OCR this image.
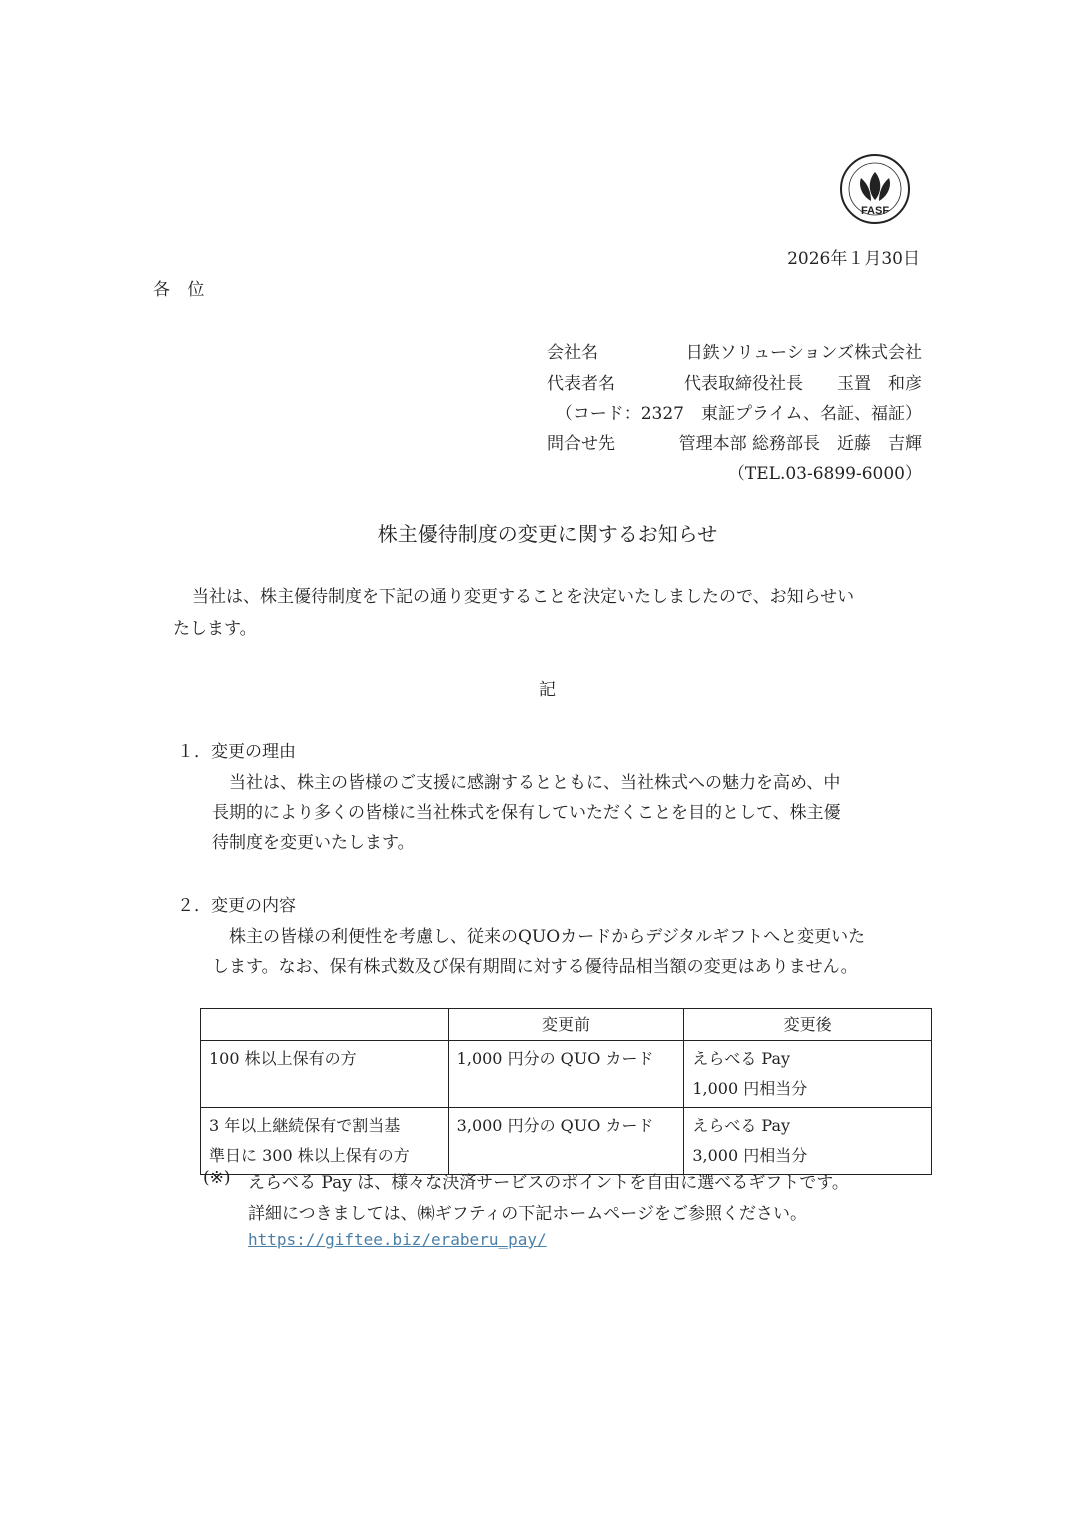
FASF
2026年１月30日
各 位
会社名	日鉄ソリューションズ株式会社
代表者名	代表取締役社長　　玉置　和彦
（コード：2327　東証プライム、名証、福証）
問合せ先	管理本部 総務部長　近藤　吉輝
（TEL.03-6899-6000）
株主優待制度の変更に関するお知らせ
当社は、株主優待制度を下記の通り変更することを決定いたしましたので、お知らせい
たします。
記
１．変更の理由
　当社は、株主の皆様のご支援に感謝するとともに、当社株式への魅力を高め、中
長期的により多くの皆様に当社株式を保有していただくことを目的として、株主優
待制度を変更いたします。
２．変更の内容
　株主の皆様の利便性を考慮し、従来のQUOカードからデジタルギフトへと変更いた
します。なお、保有株式数及び保有期間に対する優待品相当額の変更はありません。
	変更前	変更後
100 株以上保有の方	1,000 円分の QUO カード	えらべる Pay
1,000 円相当分
3 年以上継続保有で割当基
準日に 300 株以上保有の方	3,000 円分の QUO カード	えらべる Pay
3,000 円相当分
(※) えらべる Pay は、様々な決済サービスのポイントを自由に選べるギフトです。
詳細につきましては、㈱ギフティの下記ホームページをご参照ください。
https://giftee.biz/eraberu_pay/
